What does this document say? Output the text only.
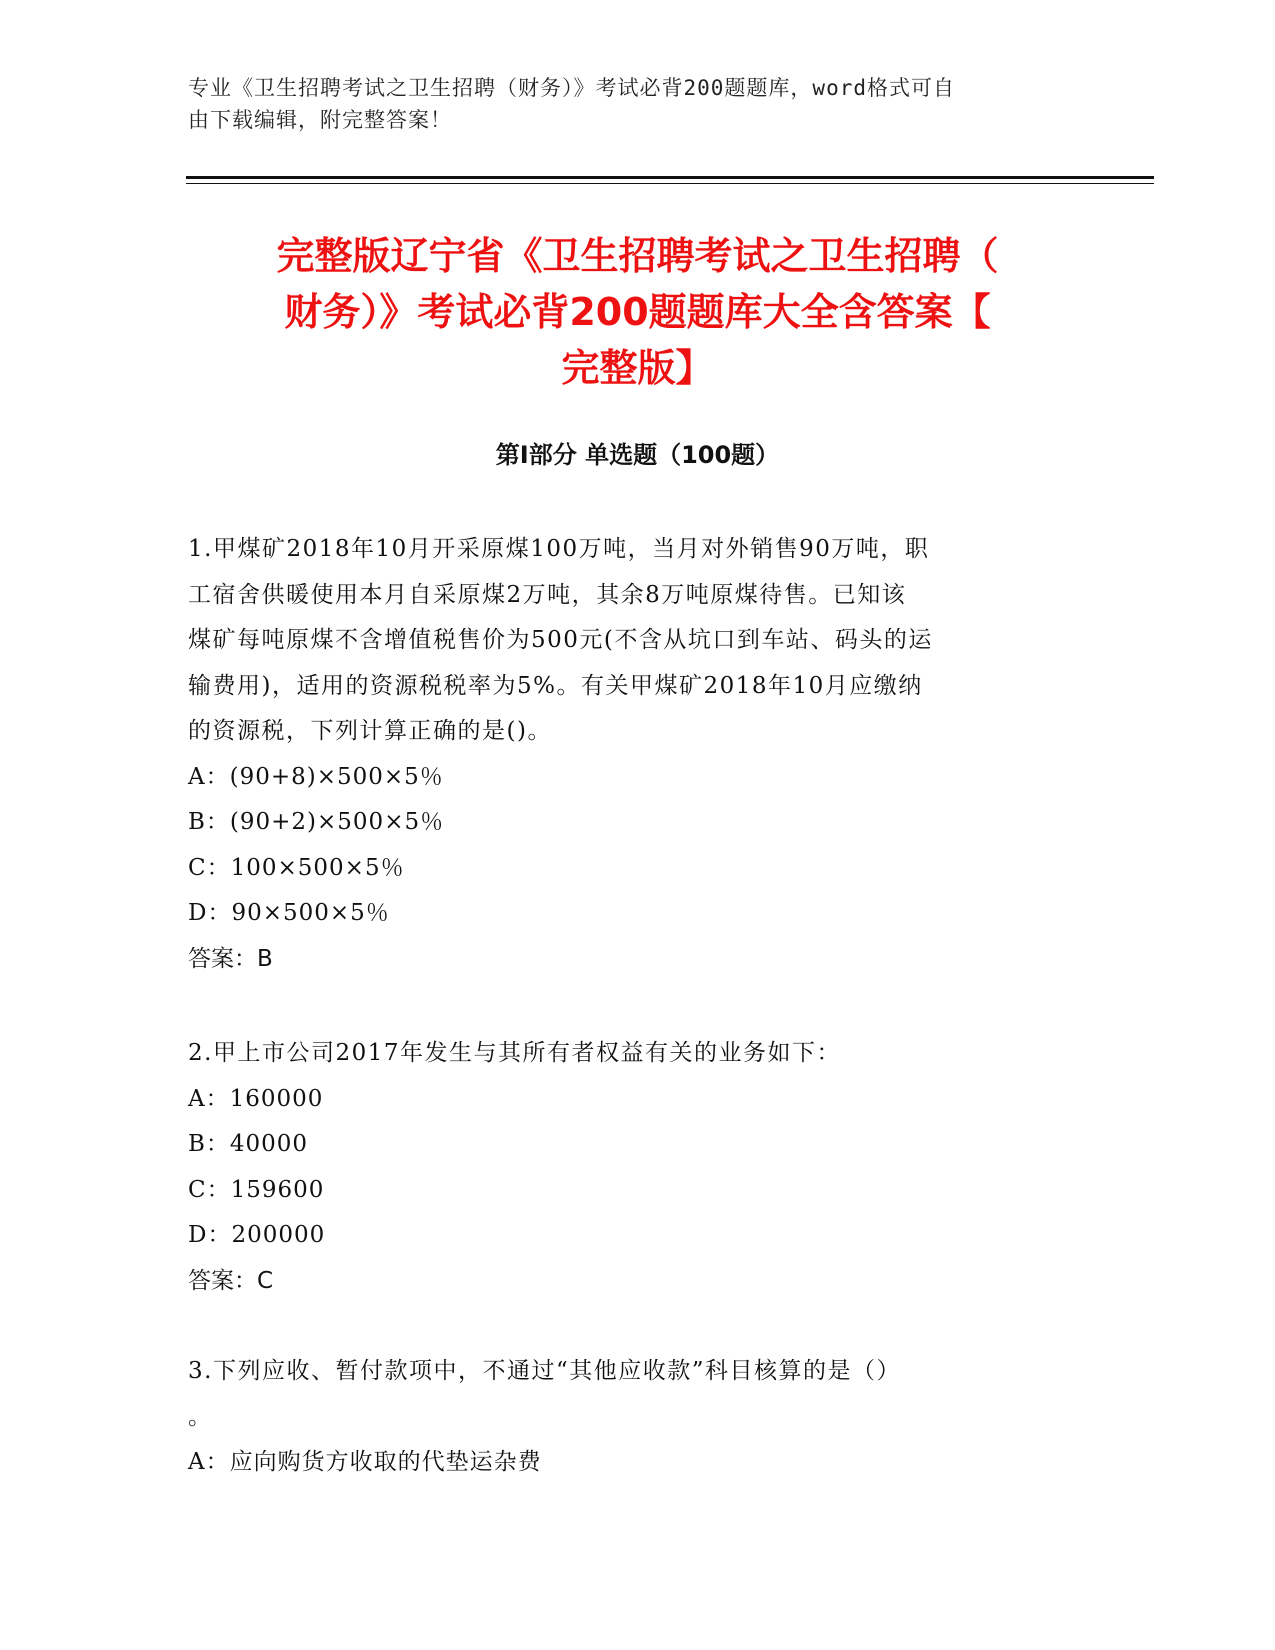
专业《卫生招聘考试之卫生招聘（财务）》考试必背200题题库，word格式可自
由下载编辑，附完整答案！
完整版辽宁省《卫生招聘考试之卫生招聘（
财务）》考试必背200题题库大全含答案【
完整版】
第Ⅰ部分 单选题（100题）

1.甲煤矿2018年10月开采原煤100万吨，当月对外销售90万吨，职

工宿舍供暖使用本月自采原煤2万吨，其余8万吨原煤待售。已知该

煤矿每吨原煤不含增值税售价为500元(不含从坑口到车站、码头的运

输费用)，适用的资源税税率为5%。有关甲煤矿2018年10月应缴纳

的资源税，下列计算正确的是()。

A：(90+8)×500×5％

B：(90+2)×500×5％

C：100×500×5％

D：90×500×5％

答案：B

2.甲上市公司2017年发生与其所有者权益有关的业务如下：

A：160000

B：40000

C：159600

D：200000

答案：C

3.下列应收、暂付款项中，不通过“其他应收款”科目核算的是（）

。

A：应向购货方收取的代垫运杂费
